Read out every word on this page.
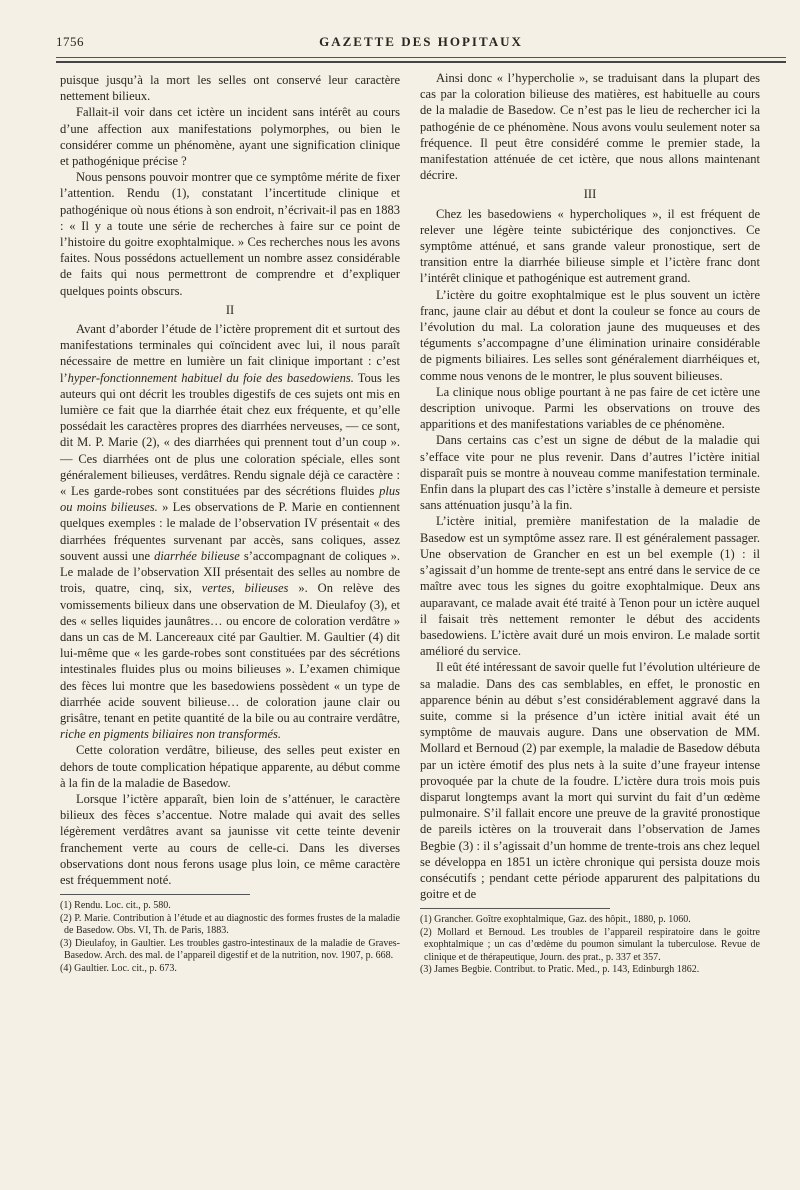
1756	GAZETTE DES HOPITAUX

puisque jusqu’à la mort les selles ont conservé leur caractère nettement bilieux.

Fallait-il voir dans cet ictère un incident sans intérêt au cours d’une affection aux manifestations polymorphes, ou bien le considérer comme un phénomène, ayant une signification clinique et pathogénique précise ?

Nous pensons pouvoir montrer que ce symptôme mérite de fixer l’attention. Rendu (1), constatant l’incertitude clinique et pathogénique où nous étions à son endroit, n’écrivait-il pas en 1883 : « Il y a toute une série de recherches à faire sur ce point de l’histoire du goitre exophtalmique. » Ces recherches nous les avons faites. Nous possédons actuellement un nombre assez considérable de faits qui nous permettront de comprendre et d’expliquer quelques points obscurs.

II

Avant d’aborder l’étude de l’ictère proprement dit et surtout des manifestations terminales qui coïncident avec lui, il nous paraît nécessaire de mettre en lumière un fait clinique important : c’est l’hyper-fonctionnement habituel du foie des basedowiens. Tous les auteurs qui ont décrit les troubles digestifs de ces sujets ont mis en lumière ce fait que la diarrhée était chez eux fréquente, et qu’elle possédait les caractères propres des diarrhées nerveuses, — ce sont, dit M. P. Marie (2), « des diarrhées qui prennent tout d’un coup ». — Ces diarrhées ont de plus une coloration spéciale, elles sont généralement bilieuses, verdâtres. Rendu signale déjà ce caractère : « Les garde-robes sont constituées par des sécrétions fluides plus ou moins bilieuses. » Les observations de P. Marie en contiennent quelques exemples : le malade de l’observation IV présentait « des diarrhées fréquentes survenant par accès, sans coliques, assez souvent aussi une diarrhée bilieuse s’accompagnant de coliques ». Le malade de l’observation XII présentait des selles au nombre de trois, quatre, cinq, six, vertes, bilieuses ». On relève des vomissements bilieux dans une observation de M. Dieulafoy (3), et des « selles liquides jaunâtres… ou encore de coloration verdâtre » dans un cas de M. Lancereaux cité par Gaultier. M. Gaultier (4) dit lui-même que « les garde-robes sont constituées par des sécrétions intestinales fluides plus ou moins bilieuses ». L’examen chimique des fèces lui montre que les basedowiens possèdent « un type de diarrhée acide souvent bilieuse… de coloration jaune clair ou grisâtre, tenant en petite quantité de la bile ou au contraire verdâtre, riche en pigments biliaires non transformés.

Cette coloration verdâtre, bilieuse, des selles peut exister en dehors de toute complication hépatique apparente, au début comme à la fin de la maladie de Basedow.

Lorsque l’ictère apparaît, bien loin de s’atténuer, le caractère bilieux des fèces s’accentue. Notre malade qui avait des selles légèrement verdâtres avant sa jaunisse vit cette teinte devenir franchement verte au cours de celle-ci. Dans les diverses observations dont nous ferons usage plus loin, ce même caractère est fréquemment noté.

(1) Rendu. Loc. cit., p. 580.
(2) P. Marie. Contribution à l’étude et au diagnostic des formes frustes de la maladie de Basedow. Obs. VI, Th. de Paris, 1883.
(3) Dieulafoy, in Gaultier. Les troubles gastro-intestinaux de la maladie de Graves-Basedow. Arch. des mal. de l’appareil digestif et de la nutrition, nov. 1907, p. 668.
(4) Gaultier. Loc. cit., p. 673.

Ainsi donc « l’hypercholie », se traduisant dans la plupart des cas par la coloration bilieuse des matières, est habituelle au cours de la maladie de Basedow. Ce n’est pas le lieu de rechercher ici la pathogénie de ce phénomène. Nous avons voulu seulement noter sa fréquence. Il peut être considéré comme le premier stade, la manifestation atténuée de cet ictère, que nous allons maintenant décrire.

III

Chez les basedowiens « hypercholiques », il est fréquent de relever une légère teinte subictérique des conjonctives. Ce symptôme atténué, et sans grande valeur pronostique, sert de transition entre la diarrhée bilieuse simple et l’ictère franc dont l’intérêt clinique et pathogénique est autrement grand.

L’ictère du goitre exophtalmique est le plus souvent un ictère franc, jaune clair au début et dont la couleur se fonce au cours de l’évolution du mal. La coloration jaune des muqueuses et des téguments s’accompagne d’une élimination urinaire considérable de pigments biliaires. Les selles sont généralement diarrhéiques et, comme nous venons de le montrer, le plus souvent bilieuses.

La clinique nous oblige pourtant à ne pas faire de cet ictère une description univoque. Parmi les observations on trouve des apparitions et des manifestations variables de ce phénomène.

Dans certains cas c’est un signe de début de la maladie qui s’efface vite pour ne plus revenir. Dans d’autres l’ictère initial disparaît puis se montre à nouveau comme manifestation terminale. Enfin dans la plupart des cas l’ictère s’installe à demeure et persiste sans atténuation jusqu’à la fin.

L’ictère initial, première manifestation de la maladie de Basedow est un symptôme assez rare. Il est généralement passager. Une observation de Grancher en est un bel exemple (1) : il s’agissait d’un homme de trente-sept ans entré dans le service de ce maître avec tous les signes du goitre exophtalmique. Deux ans auparavant, ce malade avait été traité à Tenon pour un ictère auquel il faisait très nettement remonter le début des accidents basedowiens. L’ictère avait duré un mois environ. Le malade sortit amélioré du service.

Il eût été intéressant de savoir quelle fut l’évolution ultérieure de sa maladie. Dans des cas semblables, en effet, le pronostic en apparence bénin au début s’est considérablement aggravé dans la suite, comme si la présence d’un ictère initial avait été un symptôme de mauvais augure. Dans une observation de MM. Mollard et Bernoud (2) par exemple, la maladie de Basedow débuta par un ictère émotif des plus nets à la suite d’une frayeur intense provoquée par la chute de la foudre. L’ictère dura trois mois puis disparut longtemps avant la mort qui survint du fait d’un œdème pulmonaire. S’il fallait encore une preuve de la gravité pronostique de pareils ictères on la trouverait dans l’observation de James Begbie (3) : il s’agissait d’un homme de trente-trois ans chez lequel se développa en 1851 un ictère chronique qui persista douze mois consécutifs ; pendant cette période apparurent des palpitations du goitre et de

(1) Grancher. Goître exophtalmique, Gaz. des hôpit., 1880, p. 1060.
(2) Mollard et Bernoud. Les troubles de l’appareil respiratoire dans le goitre exophtalmique ; un cas d’œdème du poumon simulant la tuberculose. Revue de clinique et de thérapeutique, Journ. des prat., p. 337 et 357.
(3) James Begbie. Contribut. to Pratic. Med., p. 143, Edinburgh 1862.
